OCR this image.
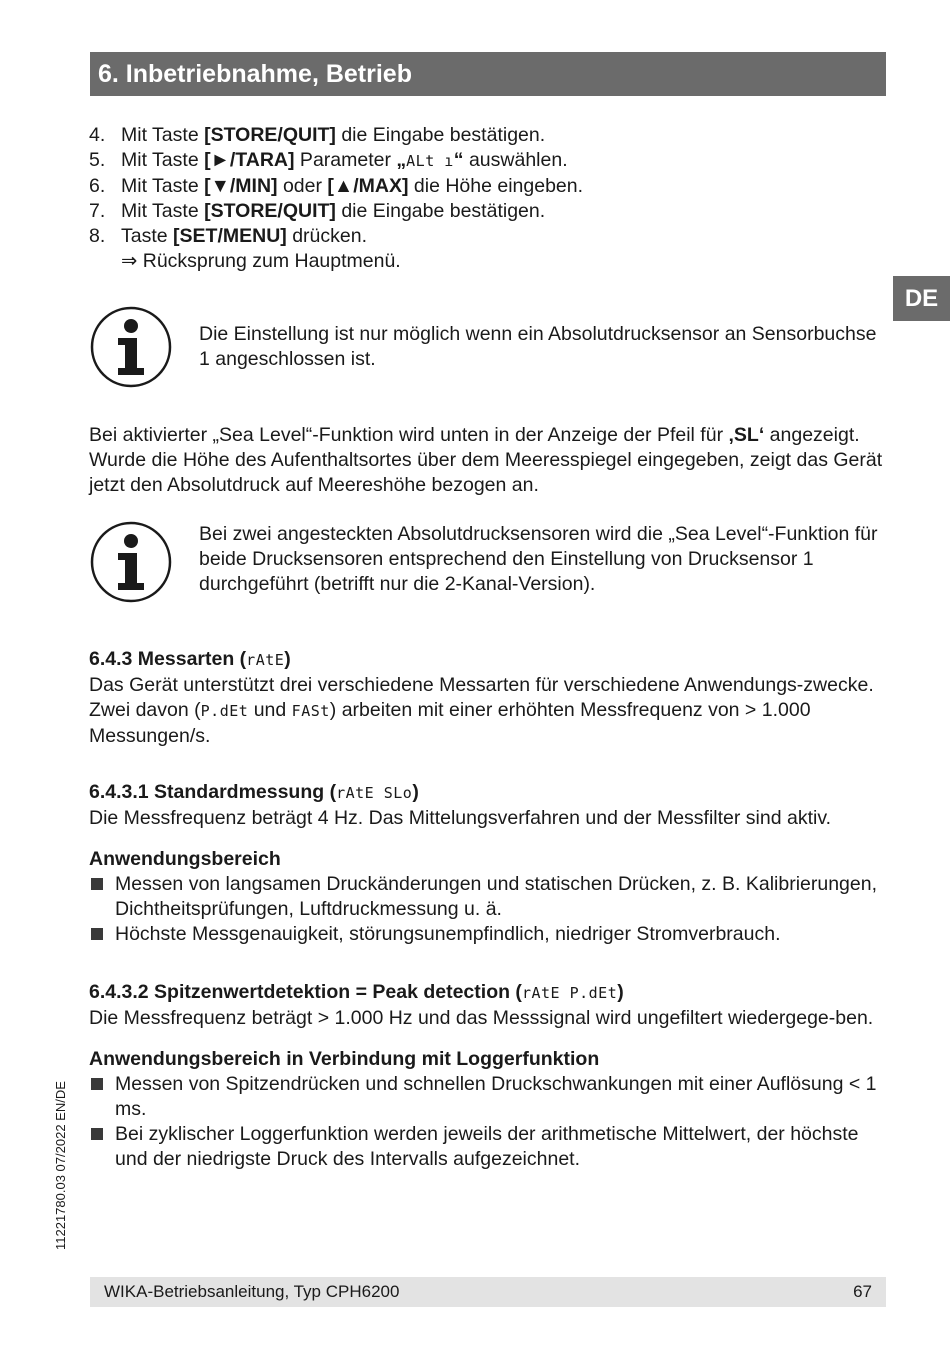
6. Inbetriebnahme, Betrieb
DE
4. Mit Taste [STORE/QUIT] die Eingabe bestätigen.
5. Mit Taste [►/TARA] Parameter „ALt ı“ auswählen.
6. Mit Taste [▼/MIN] oder [▲/MAX] die Höhe eingeben.
7. Mit Taste [STORE/QUIT] die Eingabe bestätigen.
8. Taste [SET/MENU] drücken.
⇒ Rücksprung zum Hauptmenü.
Die Einstellung ist nur möglich wenn ein Absolutdrucksensor an Sensorbuchse 1 angeschlossen ist.
Bei aktivierter „Sea Level“-Funktion wird unten in der Anzeige der Pfeil für ‚SL‘ angezeigt. Wurde die Höhe des Aufenthaltsortes über dem Meeresspiegel eingegeben, zeigt das Gerät jetzt den Absolutdruck auf Meereshöhe bezogen an.
Bei zwei angesteckten Absolutdrucksensoren wird die „Sea Level“-Funktion für beide Drucksensoren entsprechend den Einstellung von Drucksensor 1 durchgeführt (betrifft nur die 2-Kanal-Version).
6.4.3 Messarten (rAtE)
Das Gerät unterstützt drei verschiedene Messarten für verschiedene Anwendungs-zwecke. Zwei davon (P.dEt und FASt) arbeiten mit einer erhöhten Messfrequenz von > 1.000 Messungen/s.
6.4.3.1 Standardmessung (rAtE SLo)
Die Messfrequenz beträgt 4 Hz. Das Mittelungsverfahren und der Messfilter sind aktiv.
Anwendungsbereich
Messen von langsamen Druckänderungen und statischen Drücken, z. B. Kalibrierungen, Dichtheitsprüfungen, Luftdruckmessung u. ä.
Höchste Messgenauigkeit, störungsunempfindlich, niedriger Stromverbrauch.
6.4.3.2 Spitzenwertdetektion = Peak detection (rAtE P.dEt)
Die Messfrequenz beträgt > 1.000 Hz und das Messsignal wird ungefiltert wiedergege-ben.
Anwendungsbereich in Verbindung mit Loggerfunktion
Messen von Spitzendrücken und schnellen Druckschwankungen mit einer Auflösung < 1 ms.
Bei zyklischer Loggerfunktion werden jeweils der arithmetische Mittelwert, der höchste und der niedrigste Druck des Intervalls aufgezeichnet.
11221780.03 07/2022 EN/DE
WIKA-Betriebsanleitung, Typ CPH6200	67
